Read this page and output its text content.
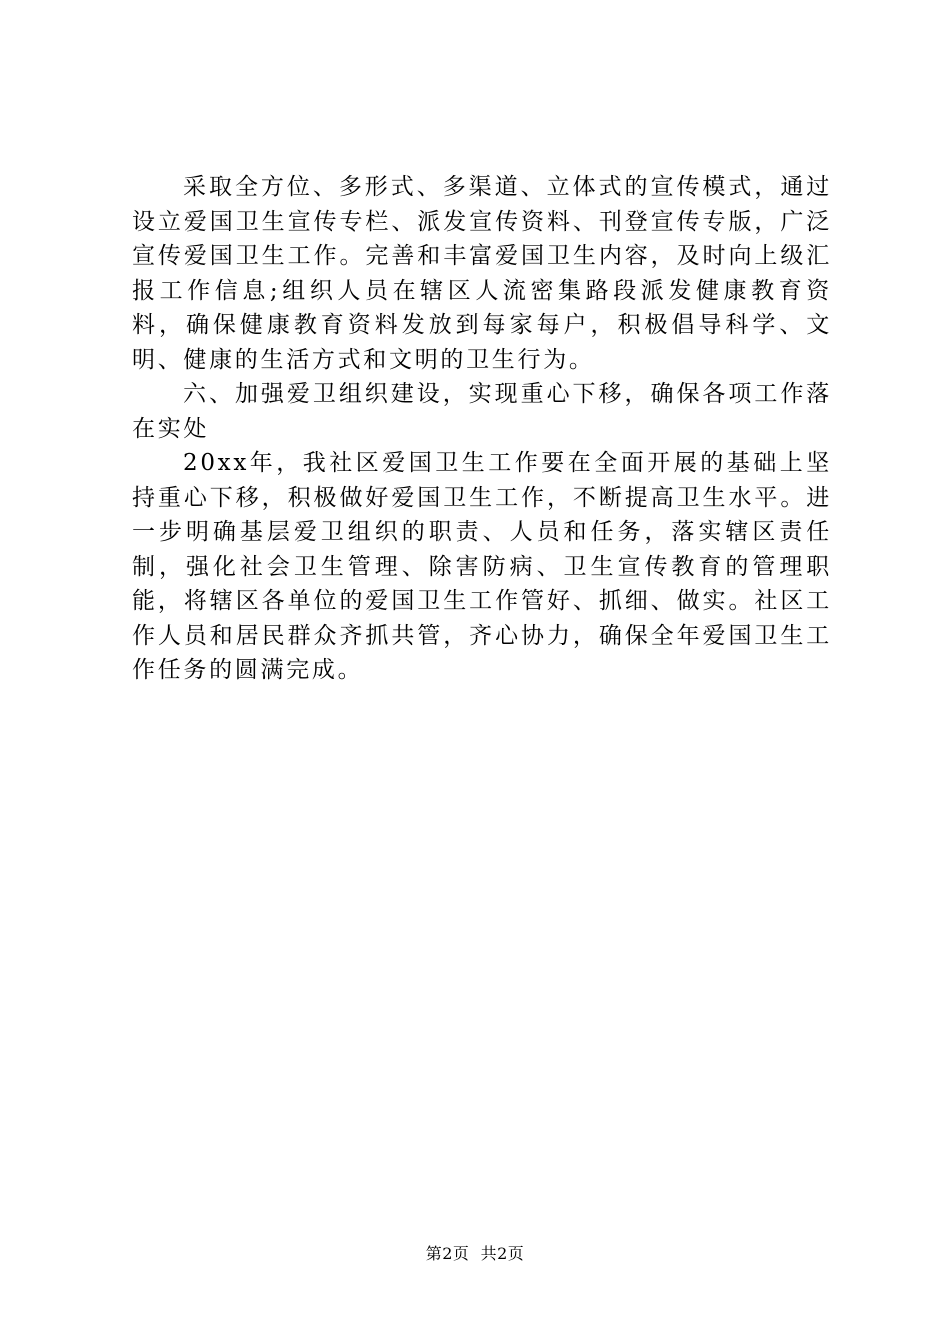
采取全方位、多形式、多渠道、立体式的宣传模式，通过设立爱国卫生宣传专栏、派发宣传资料、刊登宣传专版，广泛宣传爱国卫生工作。完善和丰富爱国卫生内容，及时向上级汇报工作信息;组织人员在辖区人流密集路段派发健康教育资料，确保健康教育资料发放到每家每户，积极倡导科学、文明、健康的生活方式和文明的卫生行为。

六、加强爱卫组织建设，实现重心下移，确保各项工作落在实处

20xx年，我社区爱国卫生工作要在全面开展的基础上坚持重心下移，积极做好爱国卫生工作，不断提高卫生水平。进一步明确基层爱卫组织的职责、人员和任务，落实辖区责任制，强化社会卫生管理、除害防病、卫生宣传教育的管理职能，将辖区各单位的爱国卫生工作管好、抓细、做实。社区工作人员和居民群众齐抓共管，齐心协力，确保全年爱国卫生工作任务的圆满完成。

第2页  共2页
